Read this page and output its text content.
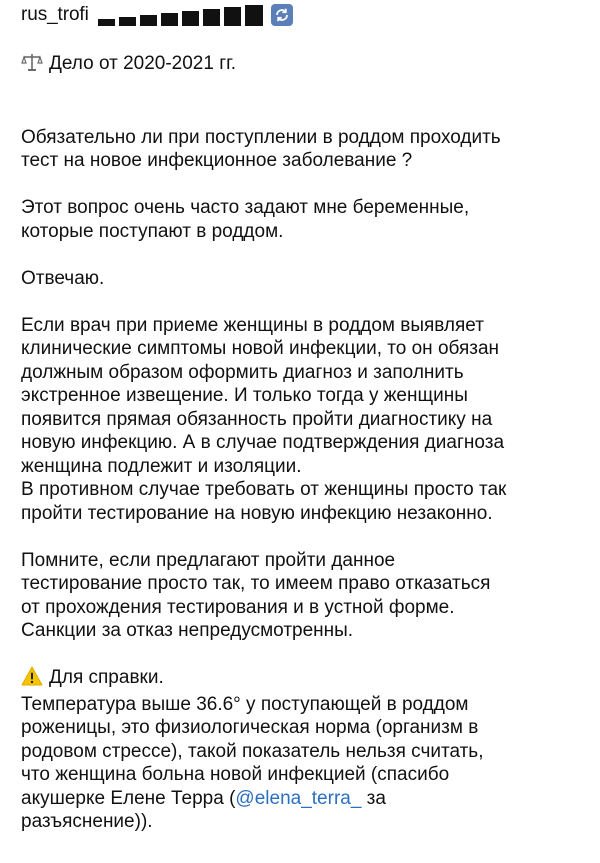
rus_trofi

Дело от 2020-2021 гг.

Обязательно ли при поступлении в роддом проходить
тест на новое инфекционное заболевание ?

Этот вопрос очень часто задают мне беременные,
которые поступают в роддом.

Отвечаю.

Если врач при приеме женщины в роддом выявляет
клинические симптомы новой инфекции, то он обязан
должным образом оформить диагноз и заполнить
экстренное извещение. И только тогда у женщины
появится прямая обязанность пройти диагностику на
новую инфекцию. А в случае подтверждения диагноза
женщина подлежит и изоляции.
В противном случае требовать от женщины просто так
пройти тестирование на новую инфекцию незаконно.

Помните, если предлагают пройти данное
тестирование просто так, то имеем право отказаться
от прохождения тестирования и в устной форме.
Санкции за отказ непредусмотренны.

Для справки.

Температура выше 36.6° у поступающей в роддом
роженицы, это физиологическая норма (организм в
родовом стрессе), такой показатель нельзя считать,
что женщина больна новой инфекцией (спасибо
акушерке Елене Терра (@elena_terra_ за
разъяснение)).
